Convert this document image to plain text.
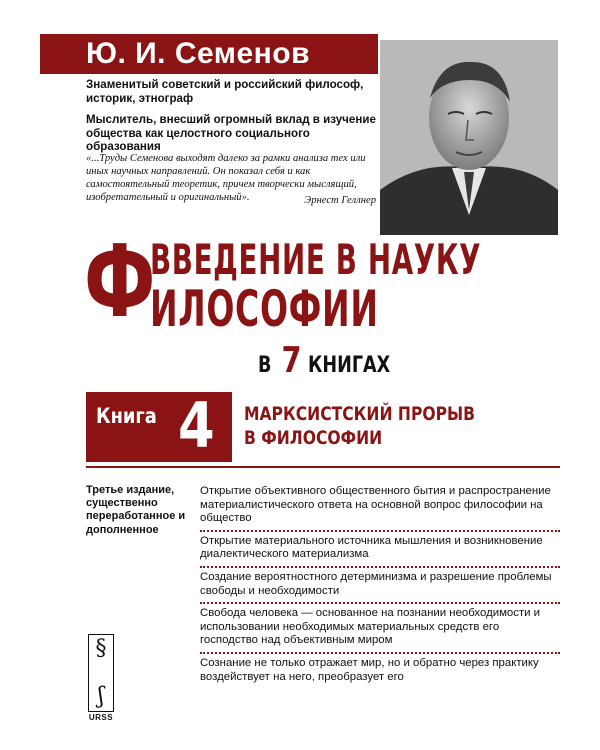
Ю. И. Семенов
Знаменитый советский и российский философ, историк, этнограф
Мыслитель, внесший огромный вклад в изучение общества как целостного социального образования
«...Труды Семенова выходят далеко за рамки анализа тех или иных научных направлений. Он показал себя и как самостоятельный теоретик, причем творчески мыслящий, изобретательный и оригинальный».	Эрнест Геллнер
Ф
ВВЕДЕНИЕ В НАУКУ
ИЛОСОФИИ
В 7 КНИГАХ
Книга 4 МАРКСИСТСКИЙ ПРОРЫВ
В ФИЛОСОФИИ
Третье издание, существенно переработанное и дополненное
Открытие объективного общественного бытия и распространение материалистического ответа на основной вопрос философии на общество
Открытие материального источника мышления и возникновение диалектического материализма
Создание вероятностного детерминизма и разрешение проблемы свободы и необходимости
Свобода человека — основанное на познании необходимости и использовании необходимых материальных средств его господство над объективным миром
Сознание не только отражает мир, но и обратно через практику воздействует на него, преобразует его
§
ʃ
URSS
